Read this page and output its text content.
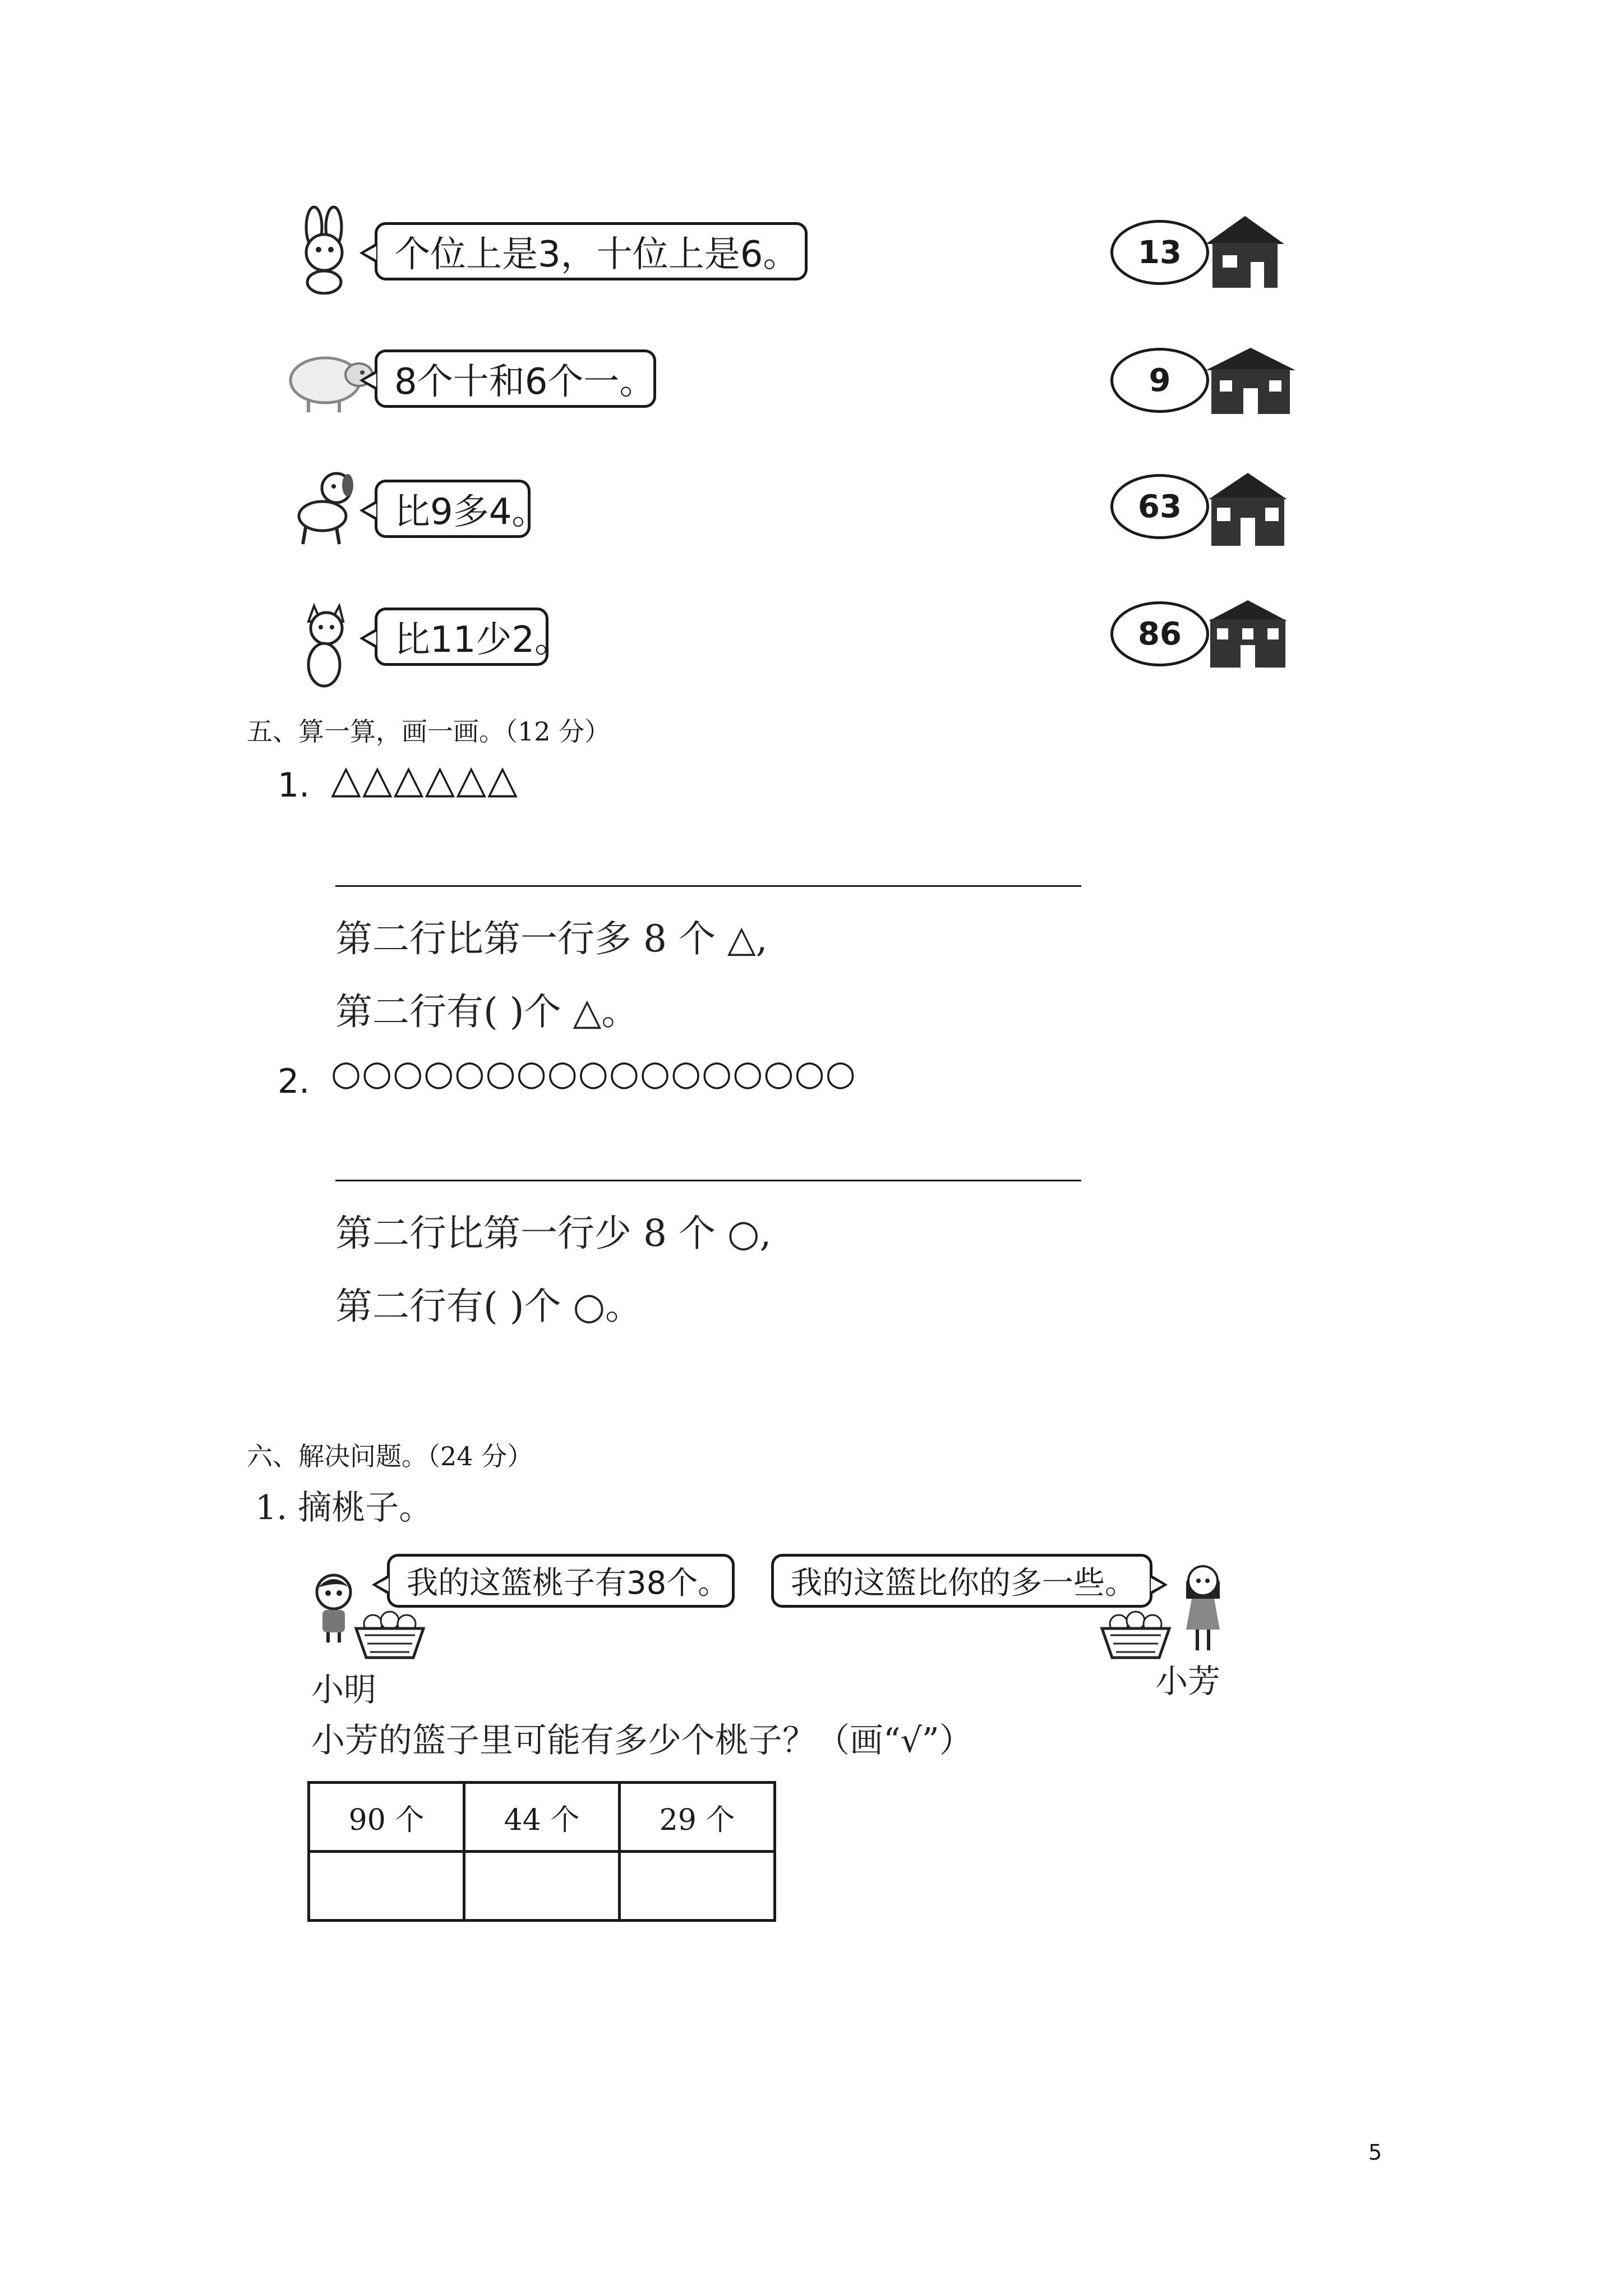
个位上是3，十位上是6。
8个十和6个一。
比9多4。
比11少2。
13
9
63
86
五、算一算，画一画。（12 分）
1. △△△△△△
第二行比第一行多 8 个 △,
第二行有( )个 △。
2. ○○○○○○○○○○○○○○○○○
第二行比第一行少 8 个 ○,
第二行有( )个 ○。
六、解决问题。（24 分）
1. 摘桃子。
我的这篮桃子有38个。
小明
我的这篮比你的多一些。
小芳
小芳的篮子里可能有多少个桃子？（画“√”）
90 个	44 个	29 个

5
